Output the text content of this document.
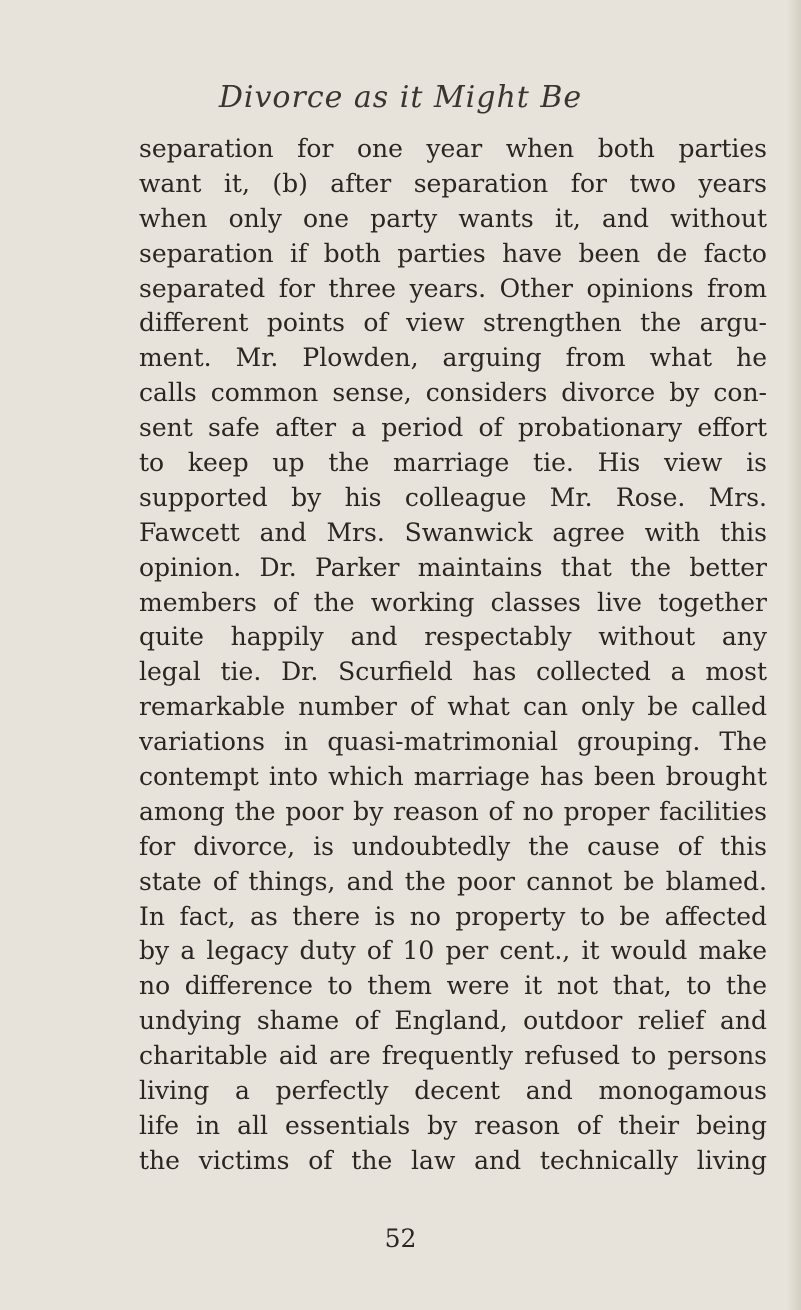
Divorce as it Might Be
separation for one year when both parties
want it, (b) after separation for two years
when only one party wants it, and without
separation if both parties have been de facto
separated for three years. Other opinions from
different points of view strengthen the argu-
ment. Mr. Plowden, arguing from what he
calls common sense, considers divorce by con-
sent safe after a period of probationary effort
to keep up the marriage tie. His view is
supported by his colleague Mr. Rose. Mrs.
Fawcett and Mrs. Swanwick agree with this
opinion. Dr. Parker maintains that the better
members of the working classes live together
quite happily and respectably without any
legal tie. Dr. Scurfield has collected a most
remarkable number of what can only be called
variations in quasi-matrimonial grouping. The
contempt into which marriage has been brought
among the poor by reason of no proper facilities
for divorce, is undoubtedly the cause of this
state of things, and the poor cannot be blamed.
In fact, as there is no property to be affected
by a legacy duty of 10 per cent., it would make
no difference to them were it not that, to the
undying shame of England, outdoor relief and
charitable aid are frequently refused to persons
living a perfectly decent and monogamous
life in all essentials by reason of their being
the victims of the law and technically living
52
